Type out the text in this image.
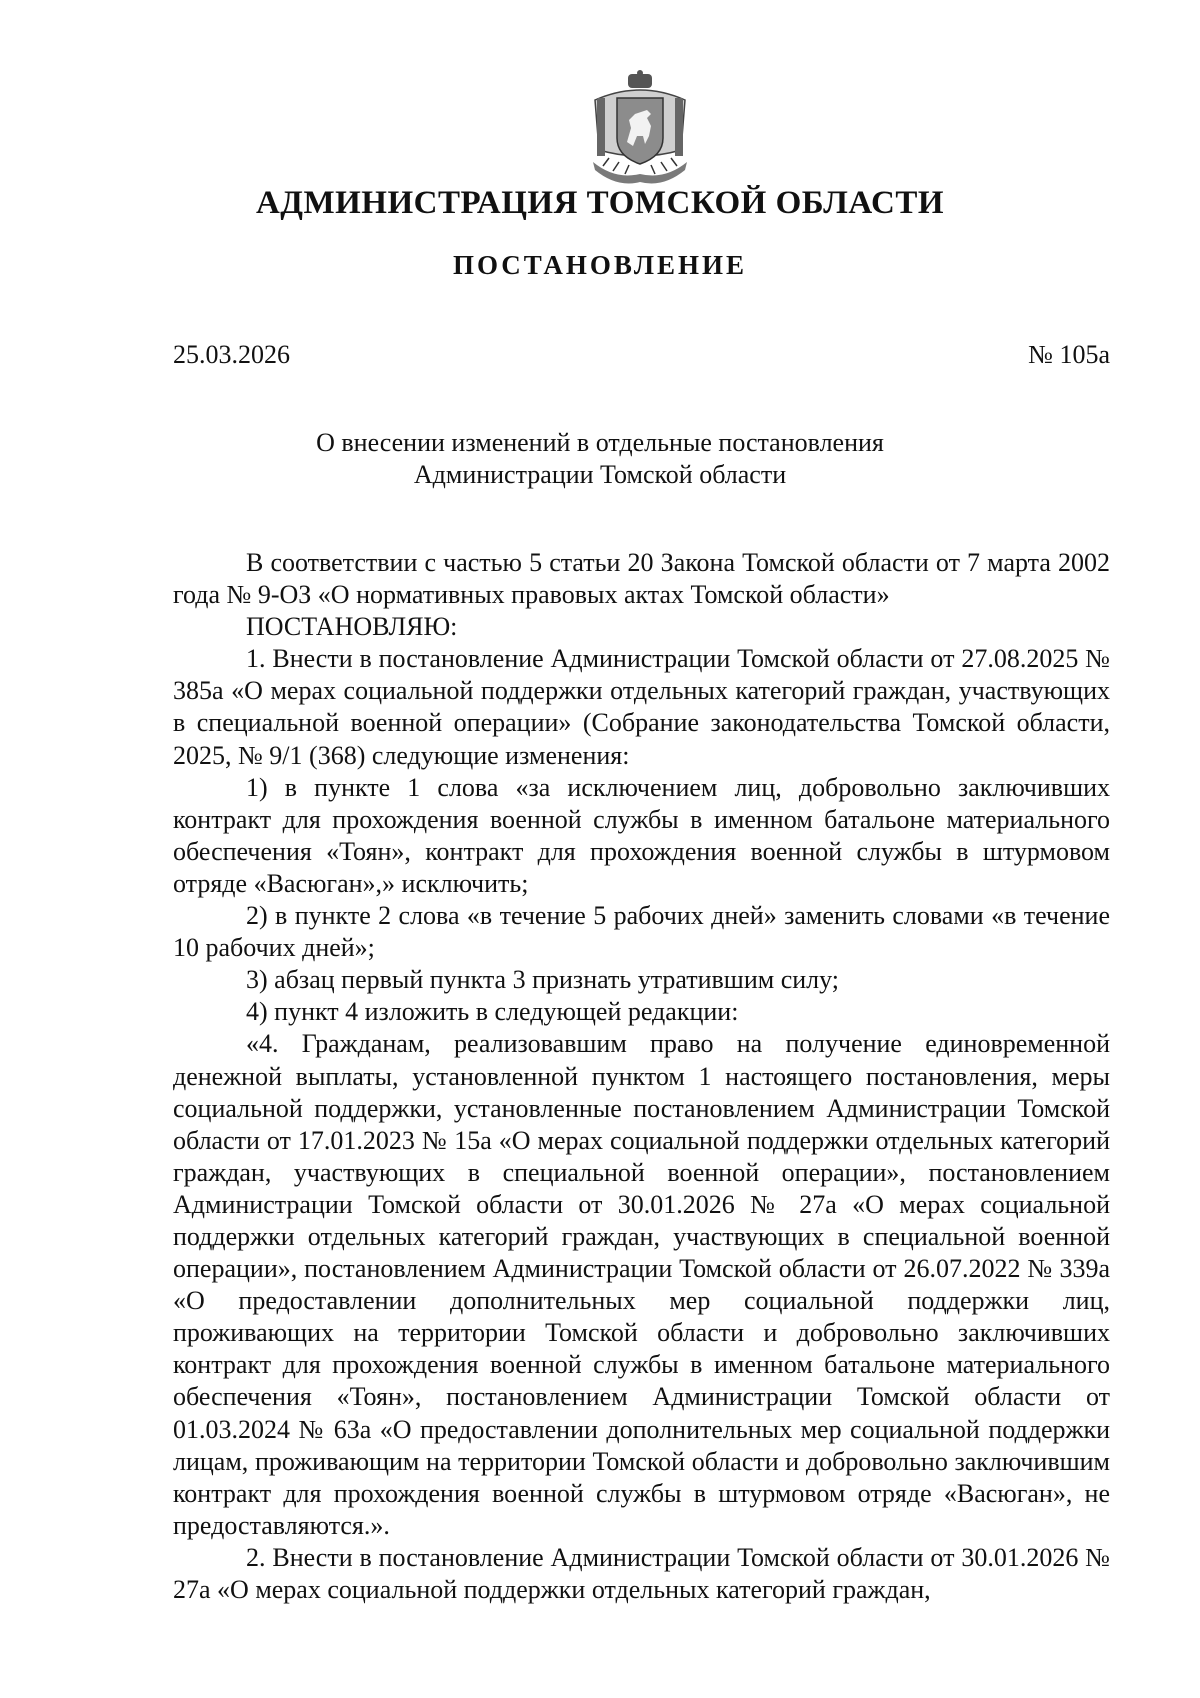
АДМИНИСТРАЦИЯ ТОМСКОЙ ОБЛАСТИ
ПОСТАНОВЛЕНИЕ
25.03.2026	№ 105а
О внесении изменений в отдельные постановления
Администрации Томской области

В соответствии с частью 5 статьи 20 Закона Томской области от 7 марта 2002 года № 9-ОЗ «О нормативных правовых актах Томской области»

ПОСТАНОВЛЯЮ:

1. Внести в постановление Администрации Томской области от 27.08.2025 № 385а «О мерах социальной поддержки отдельных категорий граждан, участвующих в специальной военной операции» (Собрание законодательства Томской области, 2025, № 9/1 (368) следующие изменения:

1) в пункте 1 слова «за исключением лиц, добровольно заключивших контракт для прохождения военной службы в именном батальоне материального обеспечения «Тоян», контракт для прохождения военной службы в штурмовом отряде «Васюган»,» исключить;

2) в пункте 2 слова «в течение 5 рабочих дней» заменить словами «в течение 10 рабочих дней»;

3) абзац первый пункта 3 признать утратившим силу;

4) пункт 4 изложить в следующей редакции:

«4. Гражданам, реализовавшим право на получение единовременной денежной выплаты, установленной пунктом 1 настоящего постановления, меры социальной поддержки, установленные постановлением Администрации Томской области от 17.01.2023 № 15а «О мерах социальной поддержки отдельных категорий граждан, участвующих в специальной военной операции», постановлением Администрации Томской области от 30.01.2026 № 27а «О мерах социальной поддержки отдельных категорий граждан, участвующих в специальной военной операции», постановлением Администрации Томской области от 26.07.2022 № 339а «О предоставлении дополнительных мер социальной поддержки лиц, проживающих на территории Томской области и добровольно заключивших контракт для прохождения военной службы в именном батальоне материального обеспечения «Тоян», постановлением Администрации Томской области от 01.03.2024 № 63а «О предоставлении дополнительных мер социальной поддержки лицам, проживающим на территории Томской области и добровольно заключившим контракт для прохождения военной службы в штурмовом отряде «Васюган», не предоставляются.».

2. Внести в постановление Администрации Томской области от 30.01.2026 № 27а «О мерах социальной поддержки отдельных категорий граждан,
